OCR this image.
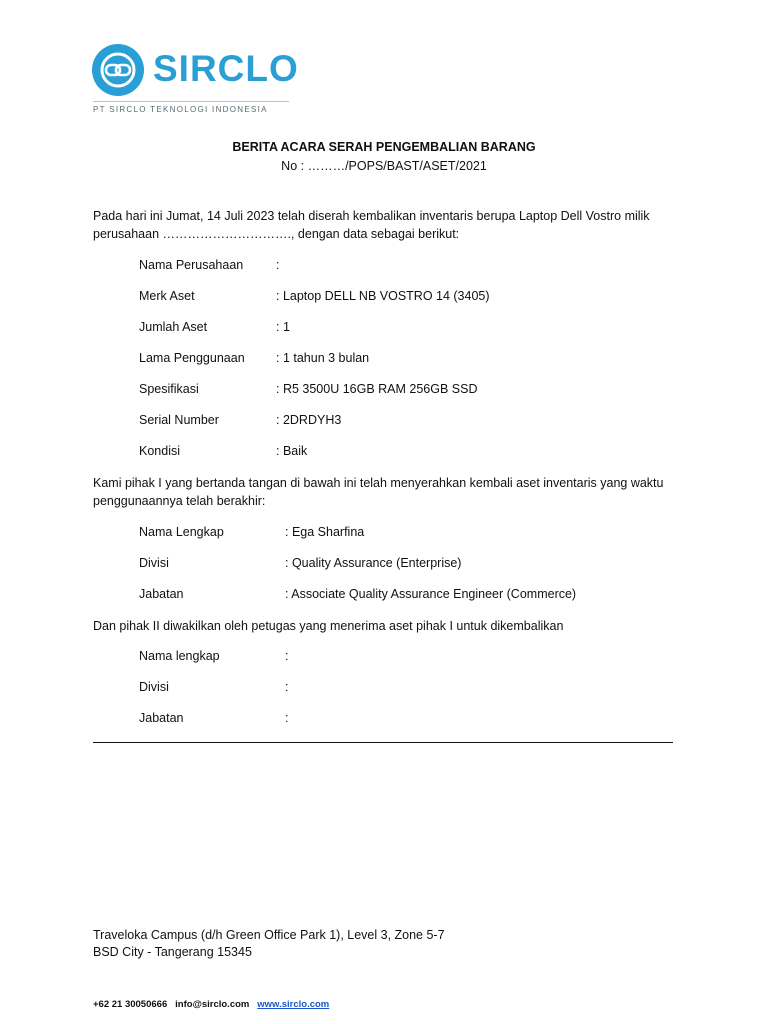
SIRCLO
PT SIRCLO TEKNOLOGI INDONESIA
BERITA ACARA SERAH PENGEMBALIAN BARANG
No : ………/POPS/BAST/ASET/2021
Pada hari ini Jumat, 14 Juli 2023 telah diserah kembalikan inventaris berupa Laptop Dell Vostro milik perusahaan …………………………., dengan data sebagai berikut:
Nama Perusahaan	:
Merk Aset	: Laptop DELL NB VOSTRO 14 (3405)
Jumlah Aset	: 1
Lama Penggunaan	: 1 tahun 3 bulan
Spesifikasi	: R5 3500U 16GB RAM 256GB SSD
Serial Number	: 2DRDYH3
Kondisi	: Baik
Kami pihak I yang bertanda tangan di bawah ini telah menyerahkan kembali aset inventaris yang waktu penggunaannya telah berakhir:
Nama Lengkap	: Ega Sharfina
Divisi	: Quality Assurance (Enterprise)
Jabatan	: Associate Quality Assurance Engineer (Commerce)
Dan pihak II diwakilkan oleh petugas yang menerima aset pihak I untuk dikembalikan
Nama lengkap	:
Divisi	:
Jabatan	:
Traveloka Campus (d/h Green Office Park 1), Level 3, Zone 5-7
BSD City - Tangerang 15345
+62 21 30050666 info@sirclo.com www.sirclo.com
